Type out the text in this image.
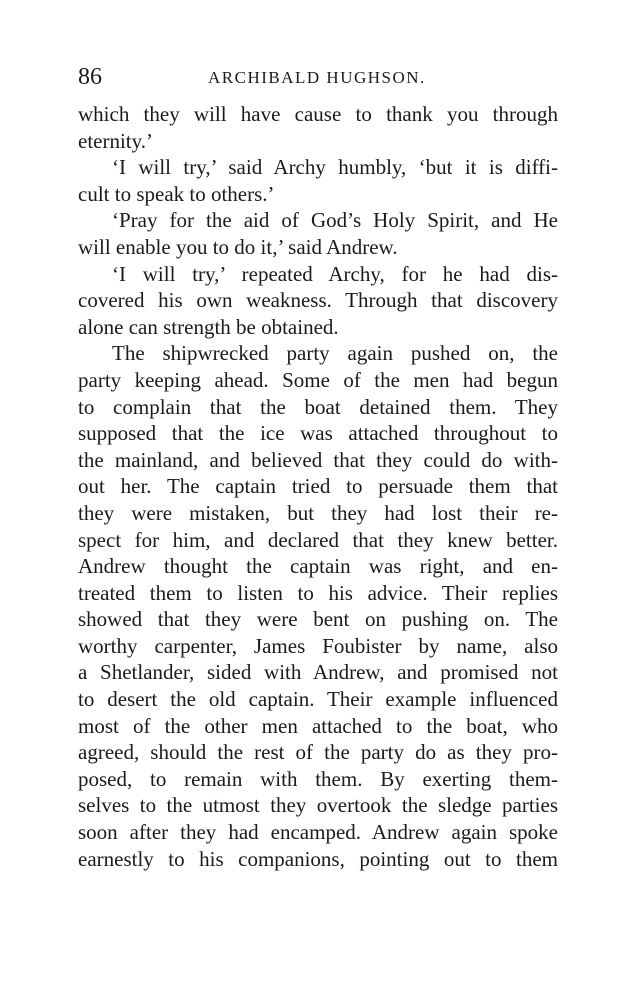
86	ARCHIBALD HUGHSON.
which they will have cause to thank you through
eternity.’
‘I will try,’ said Archy humbly, ‘but it is diffi-
cult to speak to others.’
‘Pray for the aid of God’s Holy Spirit, and He
will enable you to do it,’ said Andrew.
‘I will try,’ repeated Archy, for he had dis-
covered his own weakness. Through that discovery
alone can strength be obtained.
The shipwrecked party again pushed on, the
party keeping ahead. Some of the men had begun
to complain that the boat detained them. They
supposed that the ice was attached throughout to
the mainland, and believed that they could do with-
out her. The captain tried to persuade them that
they were mistaken, but they had lost their re-
spect for him, and declared that they knew better.
Andrew thought the captain was right, and en-
treated them to listen to his advice. Their replies
showed that they were bent on pushing on. The
worthy carpenter, James Foubister by name, also
a Shetlander, sided with Andrew, and promised not
to desert the old captain. Their example influenced
most of the other men attached to the boat, who
agreed, should the rest of the party do as they pro-
posed, to remain with them. By exerting them-
selves to the utmost they overtook the sledge parties
soon after they had encamped. Andrew again spoke
earnestly to his companions, pointing out to them
